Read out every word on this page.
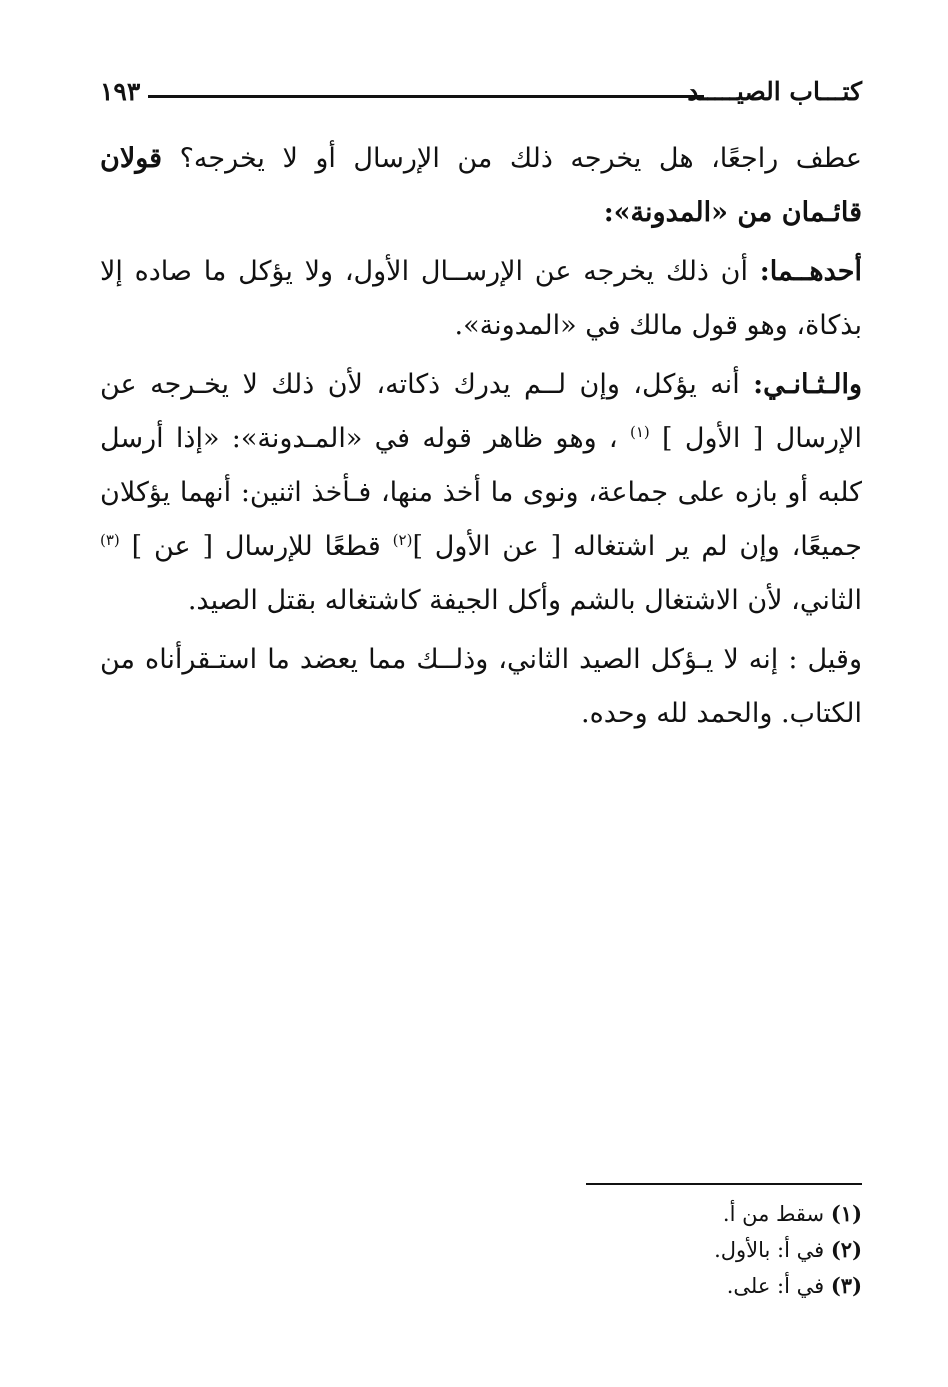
كتـــاب الصيـــــد
١٩٣

عطف راجعًا، هل يخرجه ذلك من الإرسال أو لا يخرجه؟ قولان قائـمان من «المدونة»:

أحدهــما: أن ذلك يخرجه عن الإرســال الأول، ولا يؤكل ما صاده إلا بذكاة، وهو قول مالك في «المدونة».

والـثـانـي: أنه يؤكل، وإن لــم يدرك ذكاته، لأن ذلك لا يخـرجه عن الإرسال [ الأول ] $^{(١)}$ ، وهو ظاهر قوله في «المـدونة»: «إذا أرسل كلبه أو بازه على جماعة، ونوى ما أخذ منها، فـأخذ اثنين: أنهما يؤكلان جميعًا، وإن لم ير اشتغاله [ عن الأول ]$^{(٢)}$ قطعًا للإرسال [ عن ] $^{(٣)}$ الثاني، لأن الاشتغال بالشم وأكل الجيفة كاشتغاله بقتل الصيد.

وقيل : إنه لا يـؤكل الصيد الثاني، وذلــك مما يعضد ما استـقرأناه من الكتاب. والحمد لله وحده.

(١) سقط من أ.
(٢) في أ: بالأول.
(٣) في أ: على.
